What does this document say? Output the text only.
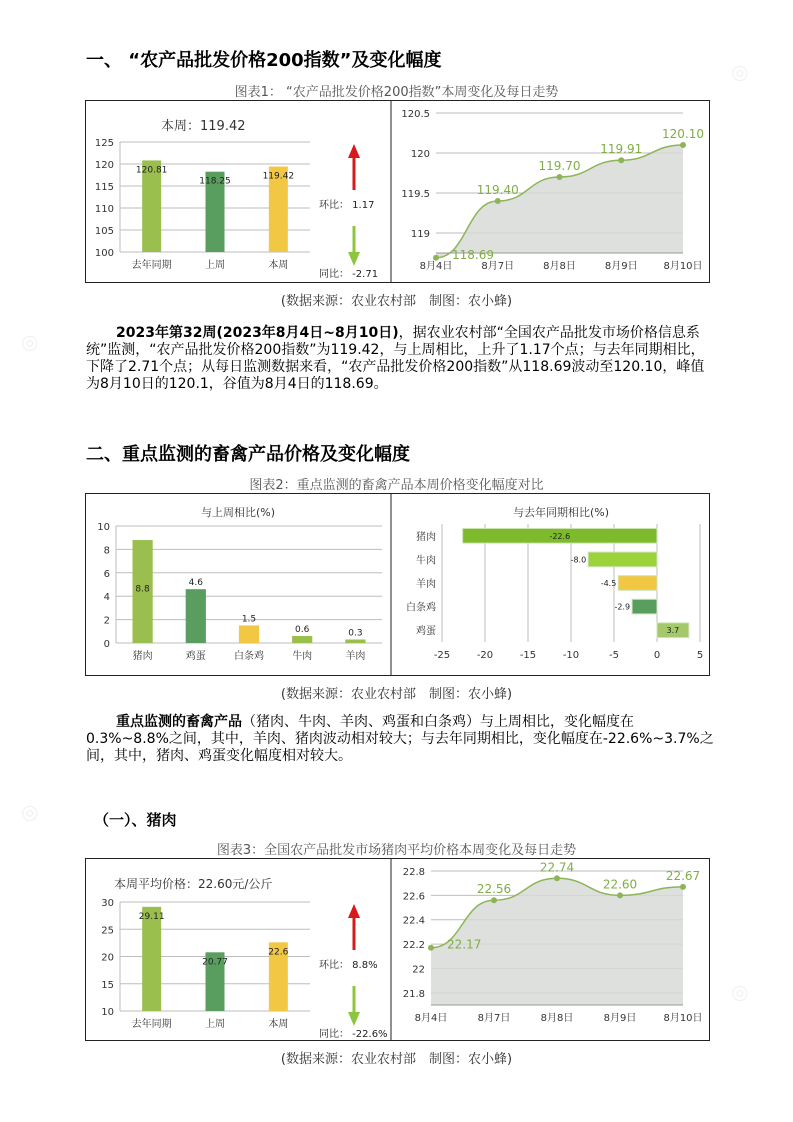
◎
◎
◎
◎
一、 “农产品批发价格200指数”及变化幅度
图表1： “农产品批发价格200指数”本周变化及每日走势
本周：119.42
100
105
110
115
120
125
120.81
去年同期
118.25
上周
119.42
本周
环比： 1.17
同比： -2.71
119
119.5
120
120.5
118.69
8月4日
119.40
8月7日
119.70
8月8日
119.91
8月9日
120.10
8月10日
(数据来源：农业农村部　制图：农小蜂)
2023年第32周(2023年8月4日~8月10日)，据农业农村部“全国农产品批发市场价格信息系统”监测，“农产品批发价格200指数”为119.42，与上周相比，上升了1.17个点；与去年同期相比，下降了2.71个点；从每日监测数据来看，“农产品批发价格200指数”从118.69波动至120.10，峰值为8月10日的120.1，谷值为8月4日的118.69。
二、重点监测的畜禽产品价格及变化幅度
图表2：重点监测的畜禽产品本周价格变化幅度对比
与上周相比(%)
0
2
4
6
8
10
8.8
猪肉
4.6
鸡蛋
1.5
白条鸡
0.6
牛肉
0.3
羊肉
与去年同期相比(%)
-25	-20	-15	-10	-5	0	5
-22.6
猪肉
-8.0
牛肉
-4.5
羊肉
-2.9
白条鸡
3.7
鸡蛋
(数据来源：农业农村部　制图：农小蜂)
重点监测的畜禽产品（猪肉、牛肉、羊肉、鸡蛋和白条鸡）与上周相比，变化幅度在0.3%~8.8%之间，其中，羊肉、猪肉波动相对较大；与去年同期相比，变化幅度在-22.6%~3.7%之间，其中，猪肉、鸡蛋变化幅度相对较大。
（一）、猪肉
图表3：全国农产品批发市场猪肉平均价格本周变化及每日走势
本周平均价格：22.60元/公斤
10
15
20
25
30
29.11
去年同期
20.77
上周
22.6
本周
环比： 8.8%
同比： -22.6%
21.8
22
22.2
22.4
22.6
22.8
22.17
8月4日
22.56
8月7日
22.74
8月8日
22.60
8月9日
22.67
8月10日
(数据来源：农业农村部　制图：农小蜂)
